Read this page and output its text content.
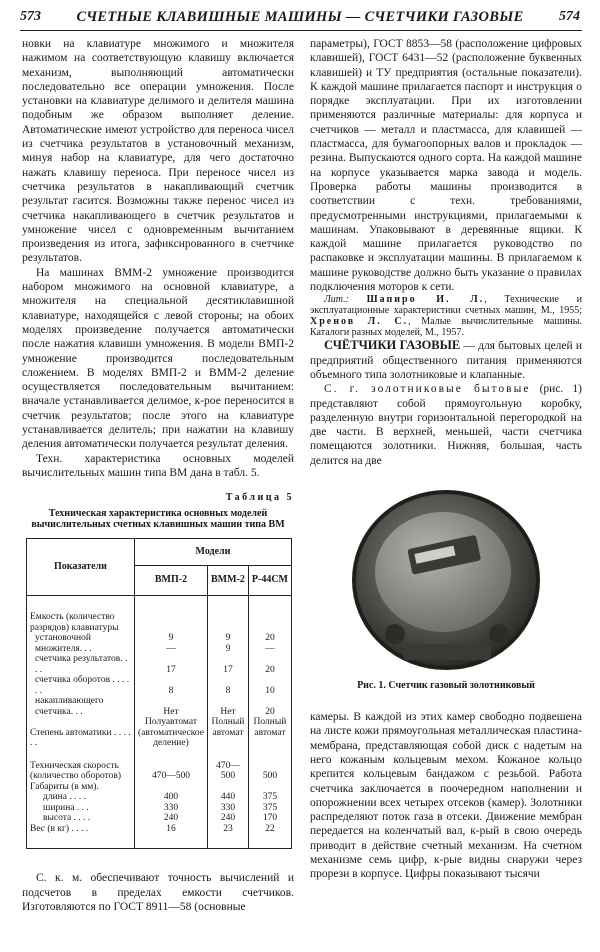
573 СЧЕТНЫЕ КЛАВИШНЫЕ МАШИНЫ — СЧЕТЧИКИ ГАЗОВЫЕ	574

новки на клавиатуре множимого и множителя нажимом на соответствующую клавишу включается механизм, выполняющий автоматически последовательно все операции умножения. После установки на клавиатуре делимого и делителя машина подобным же образом выполняет деление. Автоматические имеют устройство для переноса чисел из счетчика результатов в установочный механизм, минуя набор на клавиатуре, для чего достаточно нажать клавишу переноса. При переносе чисел из счетчика результатов в накапливающий счетчик результат гасится. Возможны также перенос чисел из счетчика накапливающего в счетчик результатов и умножение чисел с одновременным вычитанием произведения из итога, зафиксированного в счетчике результатов.

На машинах ВММ-2 умножение производится набором множимого на основной клавиатуре, а множителя на специальной десятиклавишной клавиатуре, находящейся с левой стороны; на обоих моделях произведение получается автоматически после нажатия клавиши умножения. В модели ВМП-2 умножение производится последовательным сложением. В моделях ВМП-2 и ВММ-2 деление осуществляется последовательным вычитанием: вначале устанавливается делимое, к-рое переносится в счетчик результатов; после этого на клавиатуре устанавливается делитель; при нажатии на клавишу деления автоматически получается результат деления.

Техн. характеристика основных моделей вычислительных машин типа ВМ дана в табл. 5.

Таблица 5
Техническая характеристика основных моделей вычислительных счетных клавишных машин типа ВМ
Показатели	Модели		
	ВМП-2	ВММ-2	Р-44СМ
Емкость (количество разрядов) клавиатуры			
установочной	9	9	20
множителя. . .	—	9	—
счетчика результатов. . . .	17	17	20
счетчика оборотов . . . . . .	8	8	10
накапливающего счетчика. . .	Нет	Нет	20
Степень автоматики . . . . . .	Полуавтомат (автоматическое деление)	Полный автомат	Полный автомат
Техническая скорость (количество оборотов)	470—500	470—500	500
Габариты (в мм).			
длина . . . .	400	440	375
ширина . . .	330	330	375
высота . . . .	240	240	170
Вес (в кг) . . . .	16	23	22

С. к. м. обеспечивают точность вычислений и подсчетов в пределах емкости счетчиков. Изготовляются по ГОСТ 8911—58 (основные

параметры), ГОСТ 8853—58 (расположение цифровых клавишей), ГОСТ 6431—52 (расположение буквенных клавишей) и ТУ предприятия (остальные показатели). К каждой машине прилагается паспорт и инструкция о порядке эксплуатации. При их изготовлении применяются различные материалы: для корпуса и счетчиков — металл и пластмасса, для клавишей — пластмасса, для бумагоопорных валов и прокладок — резина. Выпускаются одного сорта. На каждой машине на корпусе указывается марка завода и модель. Проверка работы машины производится в соответствии с техн. требованиями, предусмотренными инструкциями, прилагаемыми к машинам. Упаковывают в деревянные ящики. К каждой машине прилагается руководство по распаковке и эксплуатации машины. В прилагаемом к машине руководстве должно быть указание о правилах подключения моторов к сети.

Лит.: Шапиро И. Л., Технические и эксплуатационные характеристики счетных машин, М., 1955; Хренов Л. С., Малые вычислительные машины. Каталоги разных моделей, М., 1957.

СЧЁТЧИКИ ГАЗОВЫЕ — для бытовых целей и предприятий общественного питания применяются объемного типа золотниковые и клапанные.

С. г. золотниковые бытовые (рис. 1) представляют собой прямоугольную коробку, разделенную внутри горизонтальной перегородкой на две части. В верхней, меньшей, части счетчика помещаются золотники. Нижняя, большая, часть делится на две

Рис. 1. Счетчик газовый золотниковый

камеры. В каждой из этих камер свободно подвешена на листе кожи прямоугольная металлическая пластина-мембрана, представляющая собой диск с надетым на него кожаным кольцевым мехом. Кожаное кольцо крепится кольцевым бандажом с резьбой. Работа счетчика заключается в поочередном наполнении и опорожнении всех четырех отсеков (камер). Золотники распределяют поток газа в отсеки. Движение мембран передается на коленчатый вал, к-рый в свою очередь приводит в действие счетный механизм. На счетном механизме семь цифр, к-рые видны снаружи через прорези в корпусе. Цифры показывают тысячи
